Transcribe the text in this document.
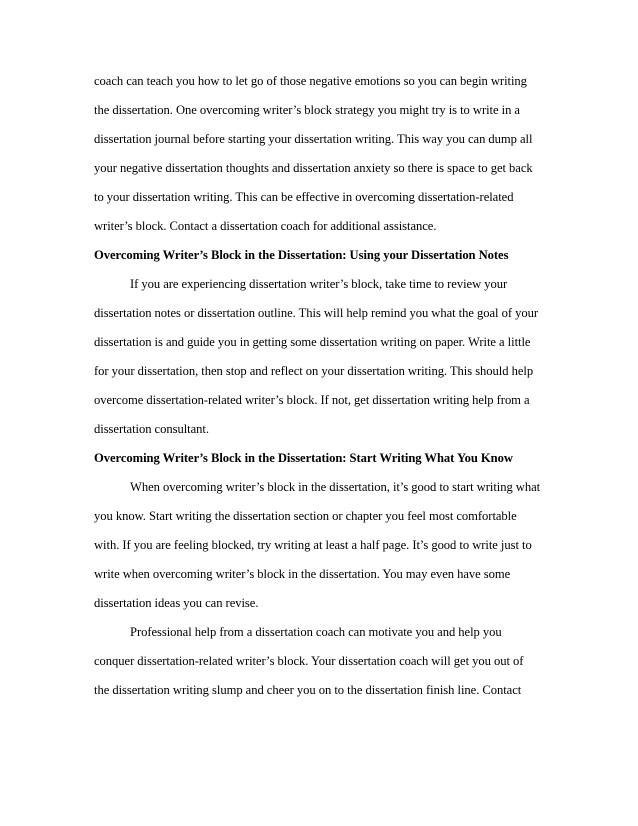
coach can teach you how to let go of those negative emotions so you can begin writing
the dissertation. One overcoming writer’s block strategy you might try is to write in a
dissertation journal before starting your dissertation writing. This way you can dump all
your negative dissertation thoughts and dissertation anxiety so there is space to get back
to your dissertation writing. This can be effective in overcoming dissertation-related
writer’s block. Contact a dissertation coach for additional assistance.
Overcoming Writer’s Block in the Dissertation: Using your Dissertation Notes
If you are experiencing dissertation writer’s block, take time to review your
dissertation notes or dissertation outline. This will help remind you what the goal of your
dissertation is and guide you in getting some dissertation writing on paper. Write a little
for your dissertation, then stop and reflect on your dissertation writing. This should help
overcome dissertation-related writer’s block. If not, get dissertation writing help from a
dissertation consultant.
Overcoming Writer’s Block in the Dissertation: Start Writing What You Know
When overcoming writer’s block in the dissertation, it’s good to start writing what
you know. Start writing the dissertation section or chapter you feel most comfortable
with. If you are feeling blocked, try writing at least a half page. It’s good to write just to
write when overcoming writer’s block in the dissertation. You may even have some
dissertation ideas you can revise.
Professional help from a dissertation coach can motivate you and help you
conquer dissertation-related writer’s block. Your dissertation coach will get you out of
the dissertation writing slump and cheer you on to the dissertation finish line. Contact
